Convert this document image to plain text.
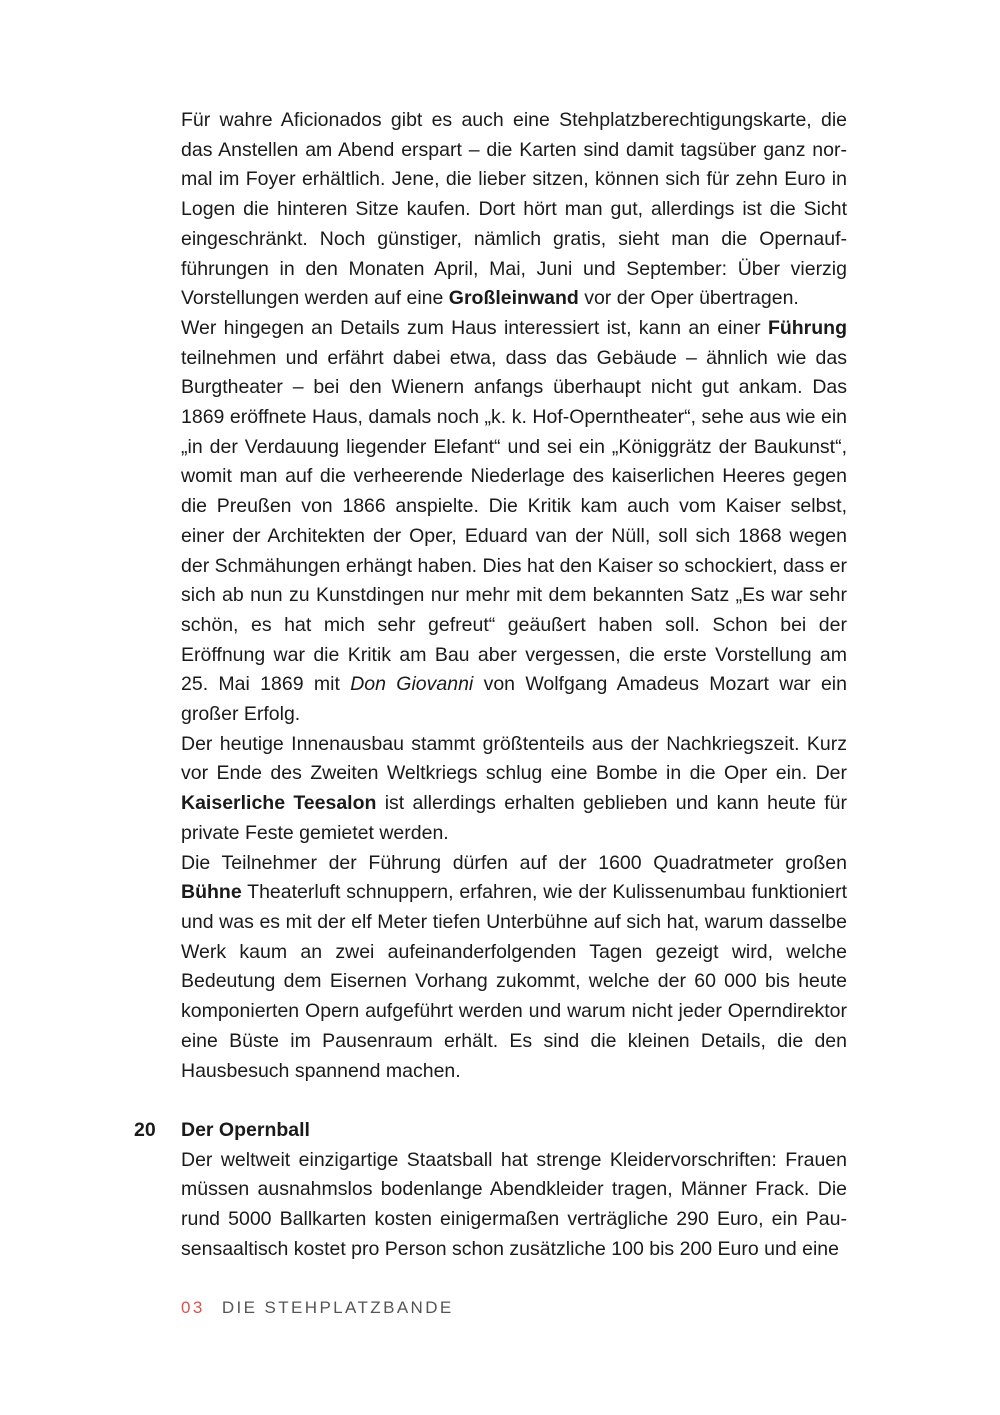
Für wahre Aficionados gibt es auch eine Stehplatzberechtigungskarte, die das Anstellen am Abend erspart – die Karten sind damit tagsüber ganz normal im Foyer erhältlich. Jene, die lieber sitzen, können sich für zehn Euro in Logen die hinteren Sitze kaufen. Dort hört man gut, allerdings ist die Sicht eingeschränkt. Noch günstiger, nämlich gratis, sieht man die Opernaufführungen in den Monaten April, Mai, Juni und September: Über vierzig Vorstellungen werden auf eine Großleinwand vor der Oper übertragen.

Wer hingegen an Details zum Haus interessiert ist, kann an einer Führung teilnehmen und erfährt dabei etwa, dass das Gebäude – ähnlich wie das Burgtheater – bei den Wienern anfangs überhaupt nicht gut ankam. Das 1869 eröffnete Haus, damals noch „k. k. Hof-Operntheater“, sehe aus wie ein „in der Verdauung liegender Elefant“ und sei ein „Königgrätz der Baukunst“, womit man auf die verheerende Niederlage des kaiserlichen Heeres gegen die Preußen von 1866 anspielte. Die Kritik kam auch vom Kaiser selbst, einer der Architekten der Oper, Eduard van der Nüll, soll sich 1868 wegen der Schmähungen erhängt haben. Dies hat den Kaiser so schockiert, dass er sich ab nun zu Kunstdingen nur mehr mit dem bekannten Satz „Es war sehr schön, es hat mich sehr gefreut“ geäußert haben soll. Schon bei der Eröffnung war die Kritik am Bau aber vergessen, die erste Vorstellung am 25. Mai 1869 mit Don Giovanni von Wolfgang Amadeus Mozart war ein großer Erfolg.

Der heutige Innenausbau stammt größtenteils aus der Nachkriegszeit. Kurz vor Ende des Zweiten Weltkriegs schlug eine Bombe in die Oper ein. Der Kaiserliche Teesalon ist allerdings erhalten geblieben und kann heute für private Feste gemietet werden.

Die Teilnehmer der Führung dürfen auf der 1600 Quadratmeter großen Bühne Theaterluft schnuppern, erfahren, wie der Kulissenumbau funktioniert und was es mit der elf Meter tiefen Unterbühne auf sich hat, warum dasselbe Werk kaum an zwei aufeinanderfolgenden Tagen gezeigt wird, welche Bedeutung dem Eisernen Vorhang zukommt, welche der 60 000 bis heute komponierten Opern aufgeführt werden und warum nicht jeder Operndirektor eine Büste im Pausenraum erhält. Es sind die kleinen Details, die den Hausbesuch spannend machen.

20 Der Opernball

Der weltweit einzigartige Staatsball hat strenge Kleidervorschriften: Frauen müssen ausnahmslos bodenlange Abendkleider tragen, Männer Frack. Die rund 5000 Ballkarten kosten einigermaßen verträgliche 290 Euro, ein Pausensaaltisch kostet pro Person schon zusätzliche 100 bis 200 Euro und eine

03 DIE STEHPLATZBANDE
